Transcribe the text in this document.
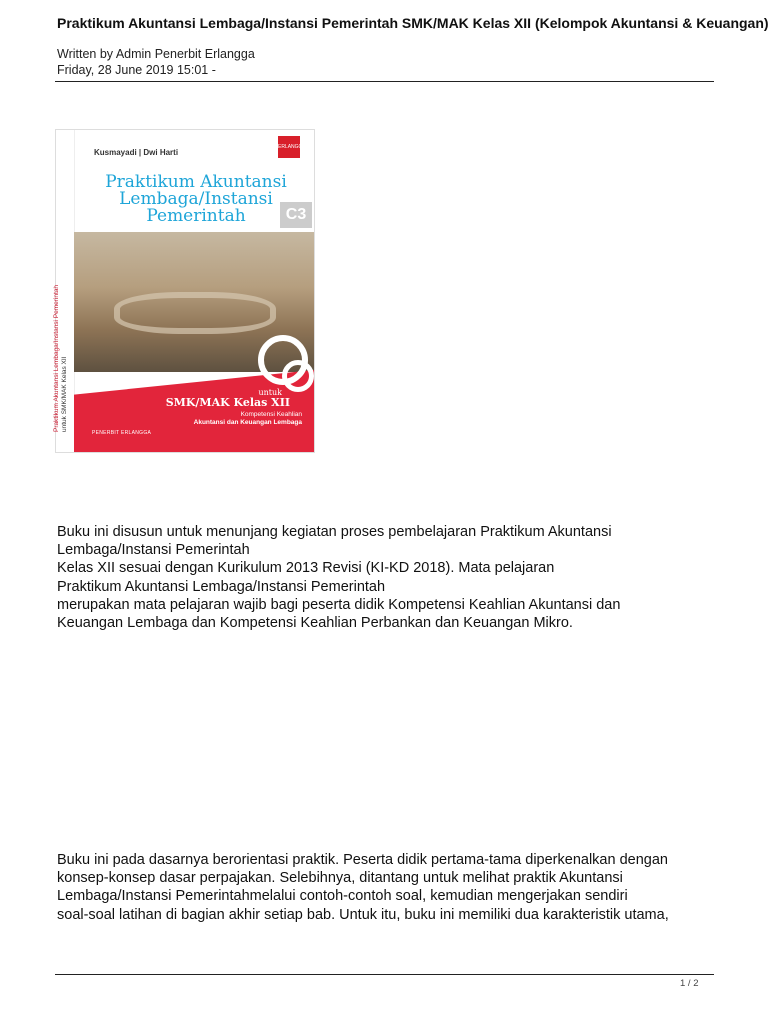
Praktikum Akuntansi Lembaga/Instansi Pemerintah SMK/MAK Kelas XII (Kelompok Akuntansi & Keuangan)
Written by Admin Penerbit Erlangga
Friday, 28 June 2019 15:01 -
Praktikum Akuntansi Lembaga/Instansi Pemerintah untuk SMK/MAK Kelas XII
Kusmayadi | Dwi Harti
ERLANGGA
Praktikum Akuntansi Lembaga/Instansi Pemerintah	C3
untuk
SMK/MAK Kelas XII
Kompetensi Keahlian
Akuntansi dan Keuangan Lembaga
PENERBIT ERLANGGA
Buku ini disusun untuk menunjang kegiatan proses pembelajaran Praktikum Akuntansi
Lembaga/Instansi Pemerintah
Kelas XII sesuai dengan Kurikulum 2013 Revisi (KI-KD 2018). Mata pelajaran
Praktikum Akuntansi Lembaga/Instansi Pemerintah
merupakan mata pelajaran wajib bagi peserta didik Kompetensi Keahlian Akuntansi dan
Keuangan Lembaga dan Kompetensi Keahlian Perbankan dan Keuangan Mikro.
Buku ini pada dasarnya berorientasi praktik. Peserta didik pertama-tama diperkenalkan dengan
konsep-konsep dasar perpajakan. Selebihnya, ditantang untuk melihat praktik Akuntansi
Lembaga/Instansi Pemerintahmelalui contoh-contoh soal, kemudian mengerjakan sendiri
soal-soal latihan di bagian akhir setiap bab. Untuk itu, buku ini memiliki dua karakteristik utama,
1 / 2
